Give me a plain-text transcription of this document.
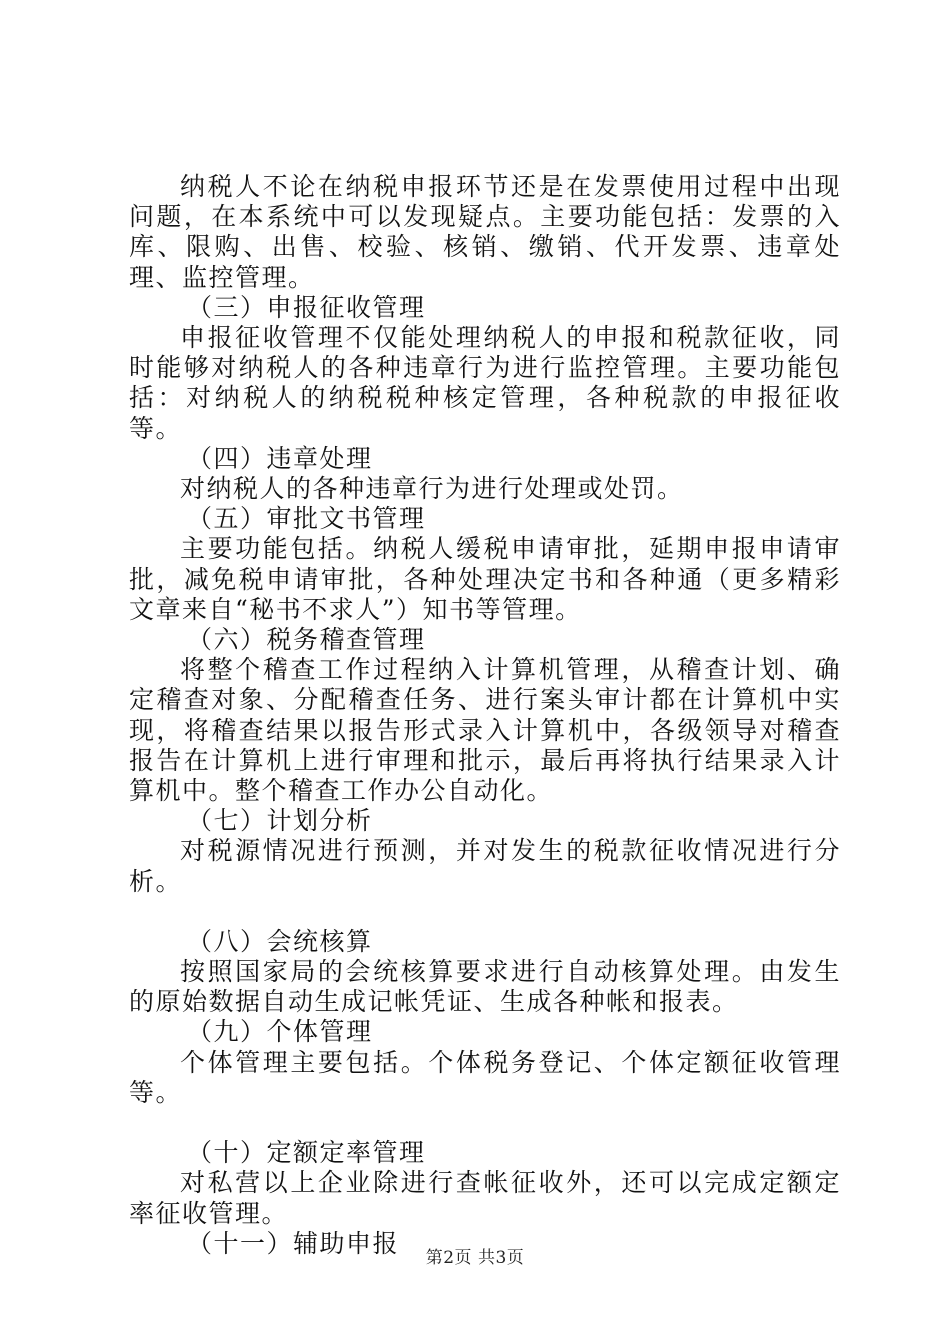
纳税人不论在纳税申报环节还是在发票使用过程中出现问题，在本系统中可以发现疑点。主要功能包括：发票的入库、限购、出售、校验、核销、缴销、代开发票、违章处理、监控管理。

（三）申报征收管理

申报征收管理不仅能处理纳税人的申报和税款征收，同时能够对纳税人的各种违章行为进行监控管理。主要功能包括：对纳税人的纳税税种核定管理，各种税款的申报征收等。

（四）违章处理

对纳税人的各种违章行为进行处理或处罚。

（五）审批文书管理

主要功能包括。纳税人缓税申请审批，延期申报申请审批，减免税申请审批，各种处理决定书和各种通（更多精彩文章来自“秘书不求人”）知书等管理。

（六）税务稽查管理

将整个稽查工作过程纳入计算机管理，从稽查计划、确定稽查对象、分配稽查任务、进行案头审计都在计算机中实现，将稽查结果以报告形式录入计算机中，各级领导对稽查报告在计算机上进行审理和批示，最后再将执行结果录入计算机中。整个稽查工作办公自动化。

（七）计划分析

对税源情况进行预测，并对发生的税款征收情况进行分析。

（八）会统核算

按照国家局的会统核算要求进行自动核算处理。由发生的原始数据自动生成记帐凭证、生成各种帐和报表。

（九）个体管理

个体管理主要包括。个体税务登记、个体定额征收管理等。

（十）定额定率管理

对私营以上企业除进行查帐征收外，还可以完成定额定率征收管理。

（十一）辅助申报

第2页 共3页
